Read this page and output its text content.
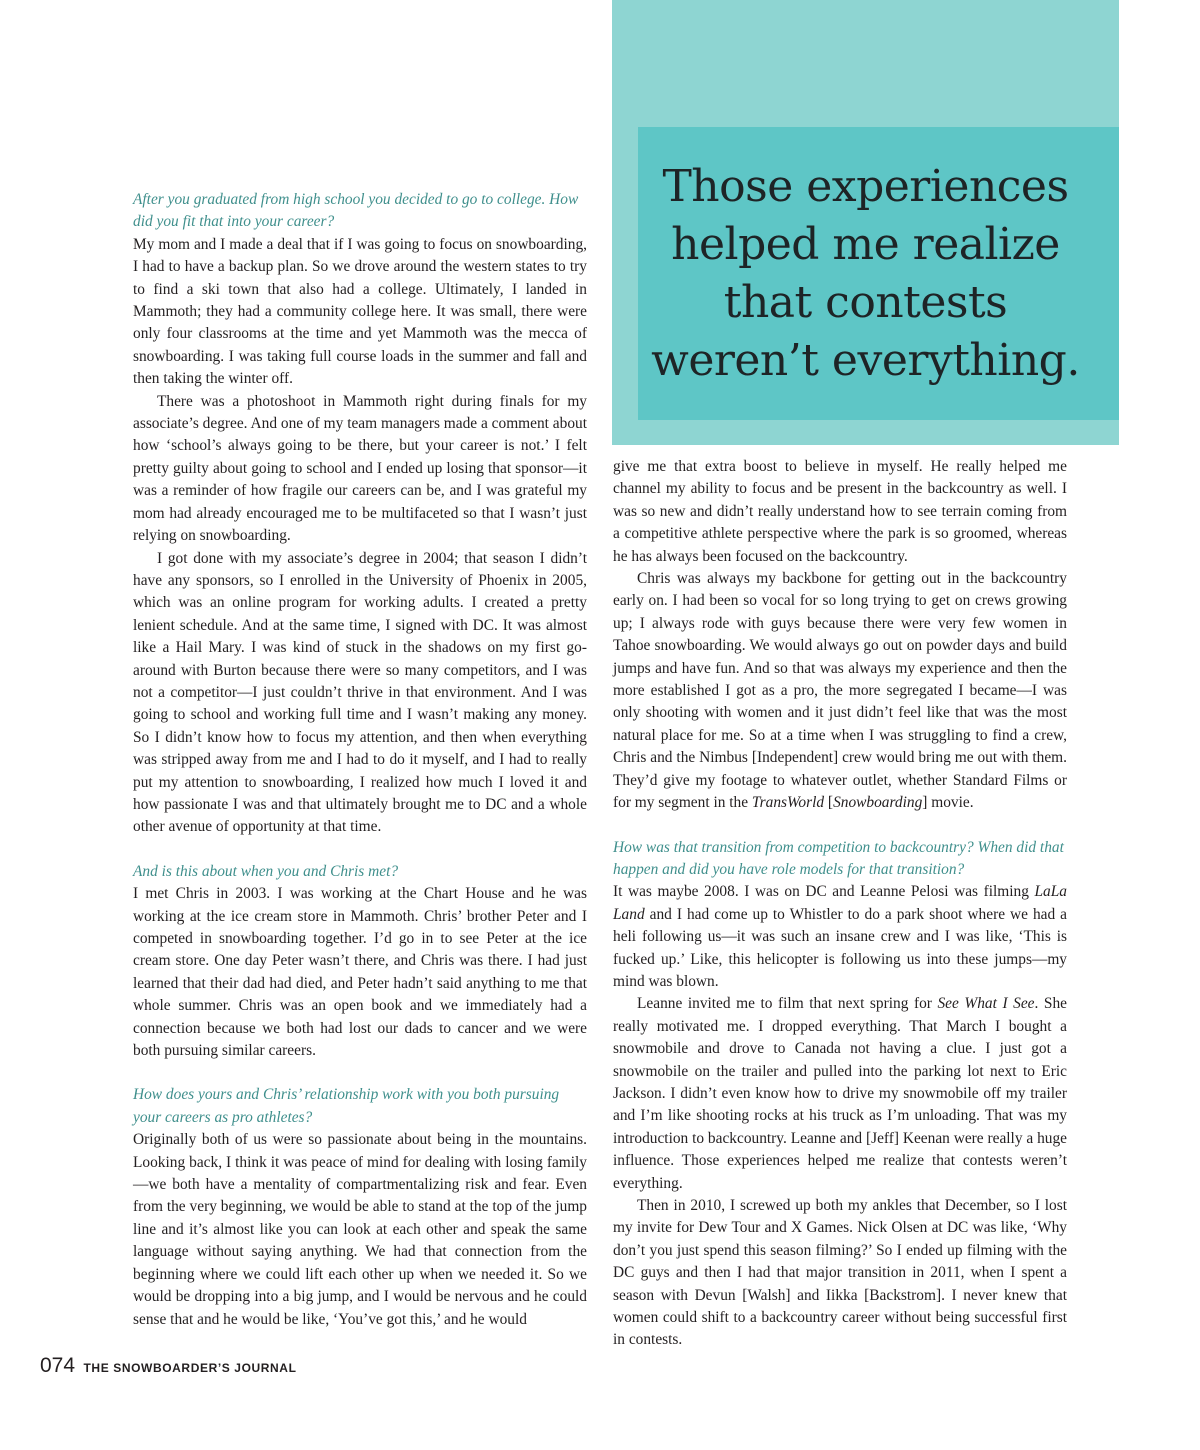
Those experiences
helped me realize
that contests
weren’t everything.

After you graduated from high school you decided to go to college. How did you fit that into your career?

My mom and I made a deal that if I was going to focus on snowboarding, I had to have a backup plan. So we drove around the western states to try to find a ski town that also had a college. Ultimately, I landed in Mammoth; they had a community college here. It was small, there were only four classrooms at the time and yet Mammoth was the mecca of snowboarding. I was taking full course loads in the summer and fall and then taking the winter off.

There was a photoshoot in Mammoth right during finals for my associate’s degree. And one of my team managers made a comment about how ‘school’s always going to be there, but your career is not.’ I felt pretty guilty about going to school and I ended up losing that sponsor—it was a reminder of how fragile our careers can be, and I was grateful my mom had already encouraged me to be multifaceted so that I wasn’t just relying on snowboarding.

I got done with my associate’s degree in 2004; that season I didn’t have any sponsors, so I enrolled in the University of Phoenix in 2005, which was an online program for working adults. I created a pretty lenient schedule. And at the same time, I signed with DC. It was almost like a Hail Mary. I was kind of stuck in the shadows on my first go-around with Burton because there were so many competitors, and I was not a competitor—I just couldn’t thrive in that environment. And I was going to school and working full time and I wasn’t making any money. So I didn’t know how to focus my attention, and then when everything was stripped away from me and I had to do it myself, and I had to really put my attention to snowboarding, I realized how much I loved it and how passionate I was and that ultimately brought me to DC and a whole other avenue of opportunity at that time.

And is this about when you and Chris met?

I met Chris in 2003. I was working at the Chart House and he was working at the ice cream store in Mammoth. Chris’ brother Peter and I competed in snowboarding together. I’d go in to see Peter at the ice cream store. One day Peter wasn’t there, and Chris was there. I had just learned that their dad had died, and Peter hadn’t said anything to me that whole summer. Chris was an open book and we immediately had a connection because we both had lost our dads to cancer and we were both pursuing similar careers.

How does yours and Chris’ relationship work with you both pursuing your careers as pro athletes?

Originally both of us were so passionate about being in the mountains. Looking back, I think it was peace of mind for dealing with losing family—we both have a mentality of compartmentalizing risk and fear. Even from the very beginning, we would be able to stand at the top of the jump line and it’s almost like you can look at each other and speak the same language without saying anything. We had that connection from the beginning where we could lift each other up when we needed it. So we would be dropping into a big jump, and I would be nervous and he could sense that and he would be like, ‘You’ve got this,’ and he would

give me that extra boost to believe in myself. He really helped me channel my ability to focus and be present in the backcountry as well. I was so new and didn’t really understand how to see terrain coming from a competitive athlete perspective where the park is so groomed, whereas he has always been focused on the backcountry.

Chris was always my backbone for getting out in the backcountry early on. I had been so vocal for so long trying to get on crews growing up; I always rode with guys because there were very few women in Tahoe snowboarding. We would always go out on powder days and build jumps and have fun. And so that was always my experience and then the more established I got as a pro, the more segregated I became—I was only shooting with women and it just didn’t feel like that was the most natural place for me. So at a time when I was struggling to find a crew, Chris and the Nimbus [Independent] crew would bring me out with them. They’d give my footage to whatever outlet, whether Standard Films or for my segment in the TransWorld [Snowboarding] movie.

How was that transition from competition to backcountry? When did that happen and did you have role models for that transition?

It was maybe 2008. I was on DC and Leanne Pelosi was filming LaLa Land and I had come up to Whistler to do a park shoot where we had a heli following us—it was such an insane crew and I was like, ‘This is fucked up.’ Like, this helicopter is following us into these jumps—my mind was blown.

Leanne invited me to film that next spring for See What I See. She really motivated me. I dropped everything. That March I bought a snowmobile and drove to Canada not having a clue. I just got a snowmobile on the trailer and pulled into the parking lot next to Eric Jackson. I didn’t even know how to drive my snowmobile off my trailer and I’m like shooting rocks at his truck as I’m unloading. That was my introduction to backcountry. Leanne and [Jeff] Keenan were really a huge influence. Those experiences helped me realize that contests weren’t everything.

Then in 2010, I screwed up both my ankles that December, so I lost my invite for Dew Tour and X Games. Nick Olsen at DC was like, ‘Why don’t you just spend this season filming?’ So I ended up filming with the DC guys and then I had that major transition in 2011, when I spent a season with Devun [Walsh] and Iikka [Backstrom]. I never knew that women could shift to a backcountry career without being successful first in contests.

074 THE SNOWBOARDER’S JOURNAL
